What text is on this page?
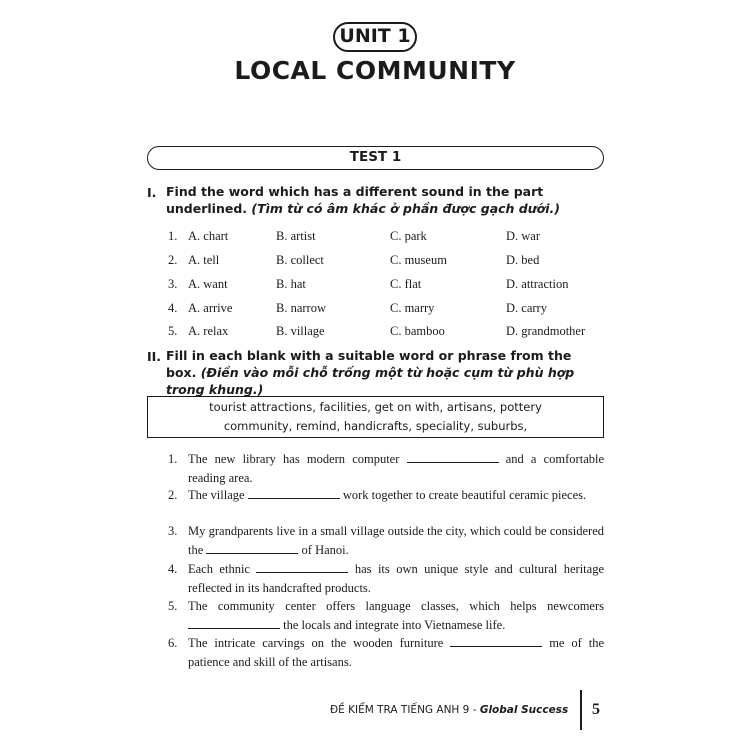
UNIT 1
LOCAL COMMUNITY
TEST 1
I. Find the word which has a different sound in the part underlined. (Tìm từ có âm khác ở phần được gạch dưới.)
1. A. chart	B. artist	C. park	D. war
2. A. tell	B. collect	C. museum	D. bed
3. A. want	B. hat	C. flat	D. attraction
4. A. arrive	B. narrow	C. marry	D. carry
5. A. relax	B. village	C. bamboo	D. grandmother
II. Fill in each blank with a suitable word or phrase from the box. (Điền vào mỗi chỗ trống một từ hoặc cụm từ phù hợp trong khung.)
tourist attractions, facilities, get on with, artisans, pottery
community, remind, handicrafts, speciality, suburbs,
1. The new library has modern computer	and a comfortable reading area.
2. The village	work together to create beautiful ceramic pieces.
3. My grandparents live in a small village outside the city, which could be considered the	of Hanoi.
4. Each ethnic	has its own unique style and cultural heritage reflected in its handcrafted products.
5. The community center offers language classes, which helps newcomers  the locals and integrate into Vietnamese life.
6. The intricate carvings on the wooden furniture	me of the patience and skill of the artisans.
ĐỀ KIỂM TRA TIẾNG ANH 9 - Global Success 5
